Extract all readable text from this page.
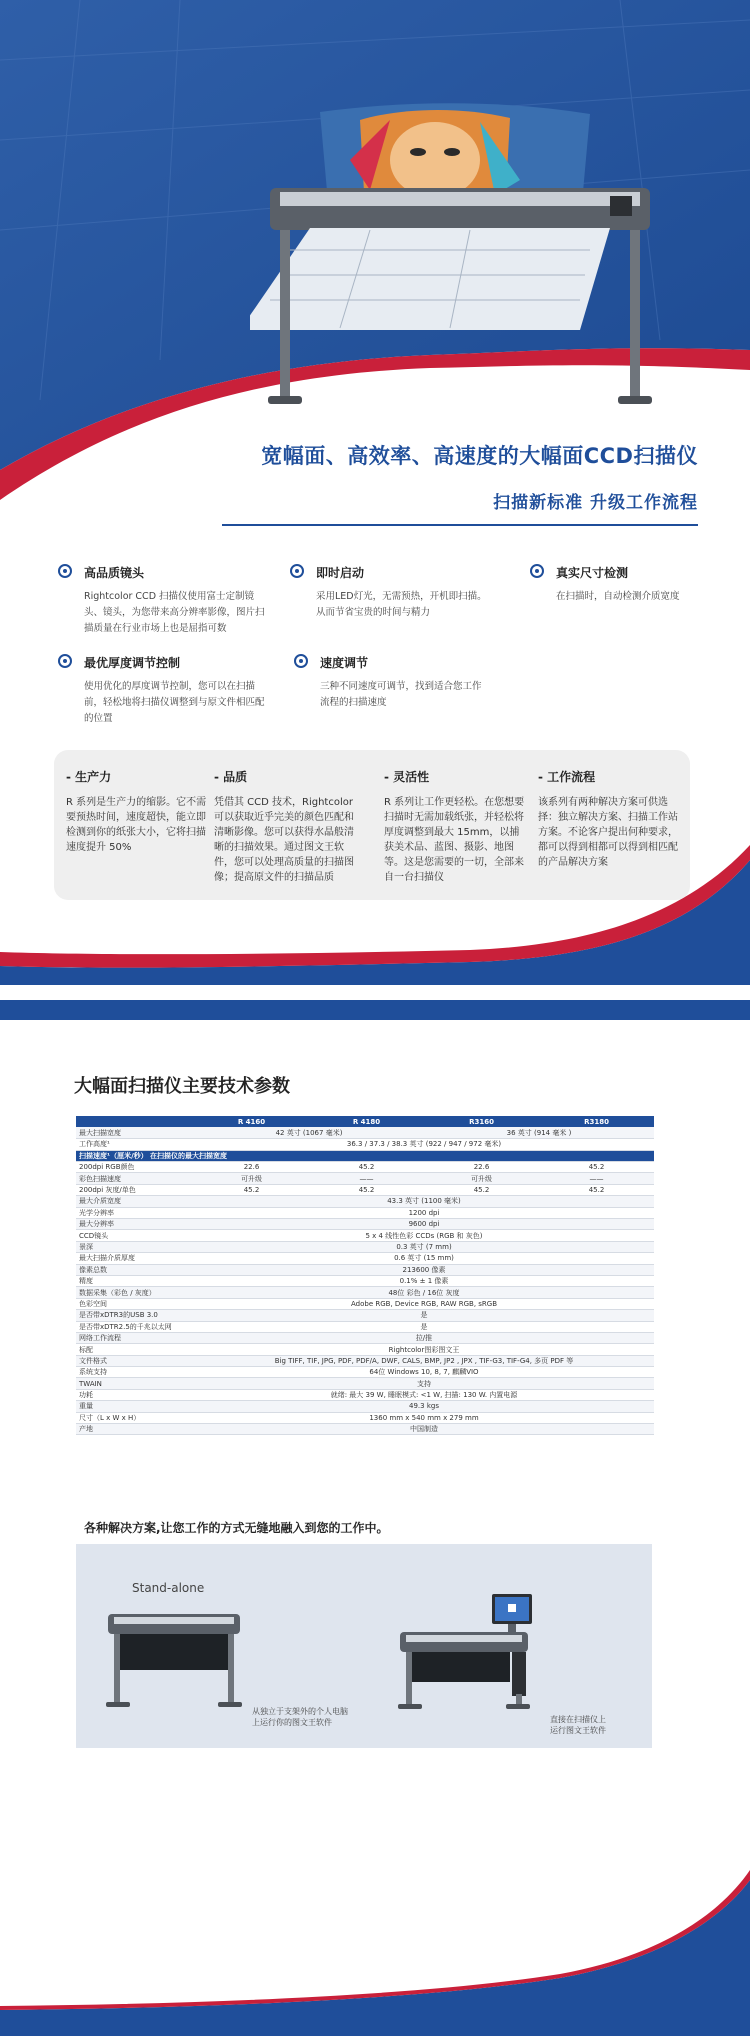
宽幅面、高效率、高速度的大幅面CCD扫描仪
扫描新标准 升级工作流程
高品质镜头
Rightcolor CCD 扫描仪使用富士定制镜头、镜头，为您带来高分辨率影像，图片扫描质量在行业市场上也是屈指可数
即时启动
采用LED灯光，无需预热，开机即扫描。从而节省宝贵的时间与精力
真实尺寸检测
在扫描时，自动检测介质宽度
最优厚度调节控制
使用优化的厚度调节控制，您可以在扫描前，轻松地将扫描仪调整到与原文件相匹配的位置
速度调节
三种不同速度可调节，找到适合您工作流程的扫描速度
- 生产力
R 系列是生产力的缩影。它不需要预热时间，速度超快，能立即检测到你的纸张大小，它将扫描速度提升 50%
- 品质
凭借其 CCD 技术，Rightcolor 可以获取近乎完美的颜色匹配和清晰影像。您可以获得水晶般清晰的扫描效果。通过图文王软件，您可以处理高质量的扫描图像；提高原文件的扫描品质
- 灵活性
R 系列让工作更轻松。在您想要扫描时无需加载纸张，并轻松将厚度调整到最大 15mm，以捕获美术品、蓝图、摄影、地图等。这是您需要的一切，全部来自一台扫描仪
- 工作流程
该系列有两种解决方案可供选择：独立解决方案、扫描工作站方案。不论客户提出何种要求，都可以得到相都可以得到相匹配的产品解决方案
大幅面扫描仪主要技术参数
	R 4160	R 4180	R3160	R3180
最大扫描宽度	42 英寸 (1067 毫米)		36 英寸 (914 毫米 )	
工作高度¹	36.3 / 37.3 / 38.3 英寸 (922 / 947 / 972 毫米)			
扫描速度¹（厘米/秒） 在扫描仪的最大扫描宽度				
200dpi RGB颜色	22.6	45.2	22.6	45.2
彩色扫描速度	可升级	——	可升级	——
200dpi 灰度/单色	45.2	45.2	45.2	45.2
最大介质宽度	43.3 英寸 (1100 毫米)			
光学分辨率	1200 dpi			
最大分辨率	9600 dpi			
CCD镜头	5 x 4 线性色彩 CCDs (RGB 和 灰色)			
景深	0.3 英寸 (7 mm)			
最大扫描介质厚度	0.6 英寸 (15 mm)			
像素总数	213600 像素			
精度	0.1% ± 1 像素			
数据采集（彩色 / 灰度）	48位 彩色 / 16位 灰度			
色彩空间	Adobe RGB, Device RGB, RAW RGB, sRGB			
是否带xDTR3的USB 3.0	是			
是否带xDTR2.5的千兆以太网	是			
网络工作流程	拉/推			
标配	Rightcolor图彩图文王			
文件格式	Big TIFF, TIF, JPG, PDF, PDF/A, DWF, CALS, BMP, JP2 , JPX , TIF-G3, TIF-G4, 多页 PDF 等			
系统支持	64位 Windows 10, 8, 7, 麒麟VIO			
TWAIN	支持			
功耗	就绪: 最大 39 W, 睡眠模式: <1 W, 扫描: 130 W. 内置电源			
重量	49.3 kgs			
尺寸（L x W x H）	1360 mm x 540 mm x 279 mm			
产地	中国制造			
各种解决方案,让您工作的方式无缝地融入到您的工作中。
Stand-alone
从独立于支架外的个人电脑
上运行你的图文王软件	直接在扫描仪上
运行图文王软件
